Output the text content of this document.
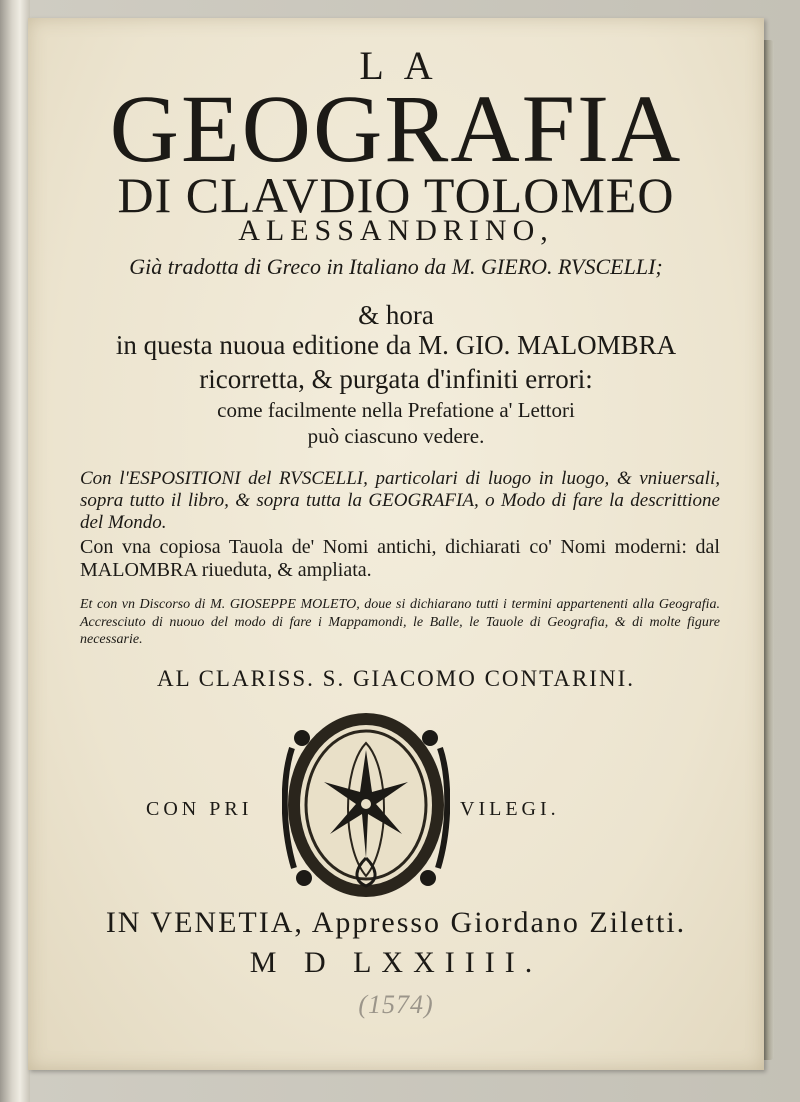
LA
GEOGRAFIA
DI CLAVDIO TOLOMEO
ALESSANDRINO,
Già tradotta di Greco in Italiano da M. GIERO. RVSCELLI;
& hora
in questa nuoua editione da M. GIO. MALOMBRA
ricorretta, & purgata d'infiniti errori:
come facilmente nella Prefatione a' Lettori
può ciascuno vedere.
Con l'ESPOSITIONI del RVSCELLI, particolari di luogo in luogo, & vniuersali, sopra tutto il libro, & sopra tutta la GEOGRAFIA, o Modo di fare la descrittione del Mondo.
Con vna copiosa Tauola de' Nomi antichi, dichiarati co' Nomi moderni: dal MALOMBRA riueduta, & ampliata.
Et con vn Discorso di M. GIOSEPPE MOLETO, doue si dichiarano tutti i termini appartenenti alla Geografia. Accresciuto di nuouo del modo di fare i Mappamondi, le Balle, le Tauole di Geografia, & di molte figure necessarie.
AL CLARISS. S. GIACOMO CONTARINI.
CON PRI	VILEGI.
IN VENETIA, Appresso Giordano Ziletti.
M D LXXIIII.
(1574)
